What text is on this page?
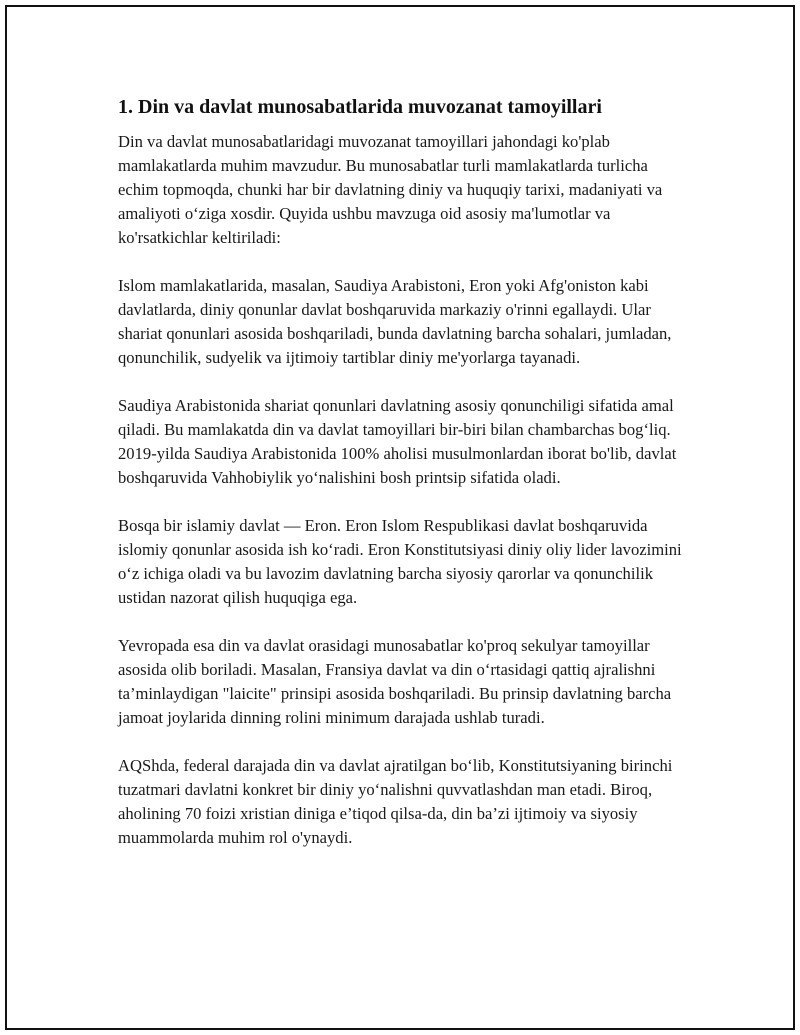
1. Din va davlat munosabatlarida muvozanat tamoyillari

Din va davlat munosabatlaridagi muvozanat tamoyillari jahondagi ko'plab mamlakatlarda muhim mavzudur. Bu munosabatlar turli mamlakatlarda turlicha echim topmoqda, chunki har bir davlatning diniy va huquqiy tarixi, madaniyati va amaliyoti o‘ziga xosdir. Quyida ushbu mavzuga oid asosiy ma'lumotlar va ko'rsatkichlar keltiriladi:

Islom mamlakatlarida, masalan, Saudiya Arabistoni, Eron yoki Afg'oniston kabi davlatlarda, diniy qonunlar davlat boshqaruvida markaziy o'rinni egallaydi. Ular shariat qonunlari asosida boshqariladi, bunda davlatning barcha sohalari, jumladan, qonunchilik, sudyelik va ijtimoiy tartiblar diniy me'yorlarga tayanadi.

Saudiya Arabistonida shariat qonunlari davlatning asosiy qonunchiligi sifatida amal qiladi. Bu mamlakatda din va davlat tamoyillari bir-biri bilan chambarchas bog‘liq. 2019-yilda Saudiya Arabistonida 100% aholisi musulmonlardan iborat bo'lib, davlat boshqaruvida Vahhobiylik yo‘nalishini bosh printsip sifatida oladi.

Bosqa bir islamiy davlat — Eron. Eron Islom Respublikasi davlat boshqaruvida islomiy qonunlar asosida ish ko‘radi. Eron Konstitutsiyasi diniy oliy lider lavozimini o‘z ichiga oladi va bu lavozim davlatning barcha siyosiy qarorlar va qonunchilik ustidan nazorat qilish huquqiga ega.

Yevropada esa din va davlat orasidagi munosabatlar ko'proq sekulyar tamoyillar asosida olib boriladi. Masalan, Fransiya davlat va din o‘rtasidagi qattiq ajralishni ta’minlaydigan "laicite" prinsipi asosida boshqariladi. Bu prinsip davlatning barcha jamoat joylarida dinning rolini minimum darajada ushlab turadi.

AQShda, federal darajada din va davlat ajratilgan bo‘lib, Konstitutsiyaning birinchi tuzatmari davlatni konkret bir diniy yo‘nalishni quvvatlashdan man etadi. Biroq, aholining 70 foizi xristian diniga e’tiqod qilsa-da, din ba’zi ijtimoiy va siyosiy muammolarda muhim rol o'ynaydi.
